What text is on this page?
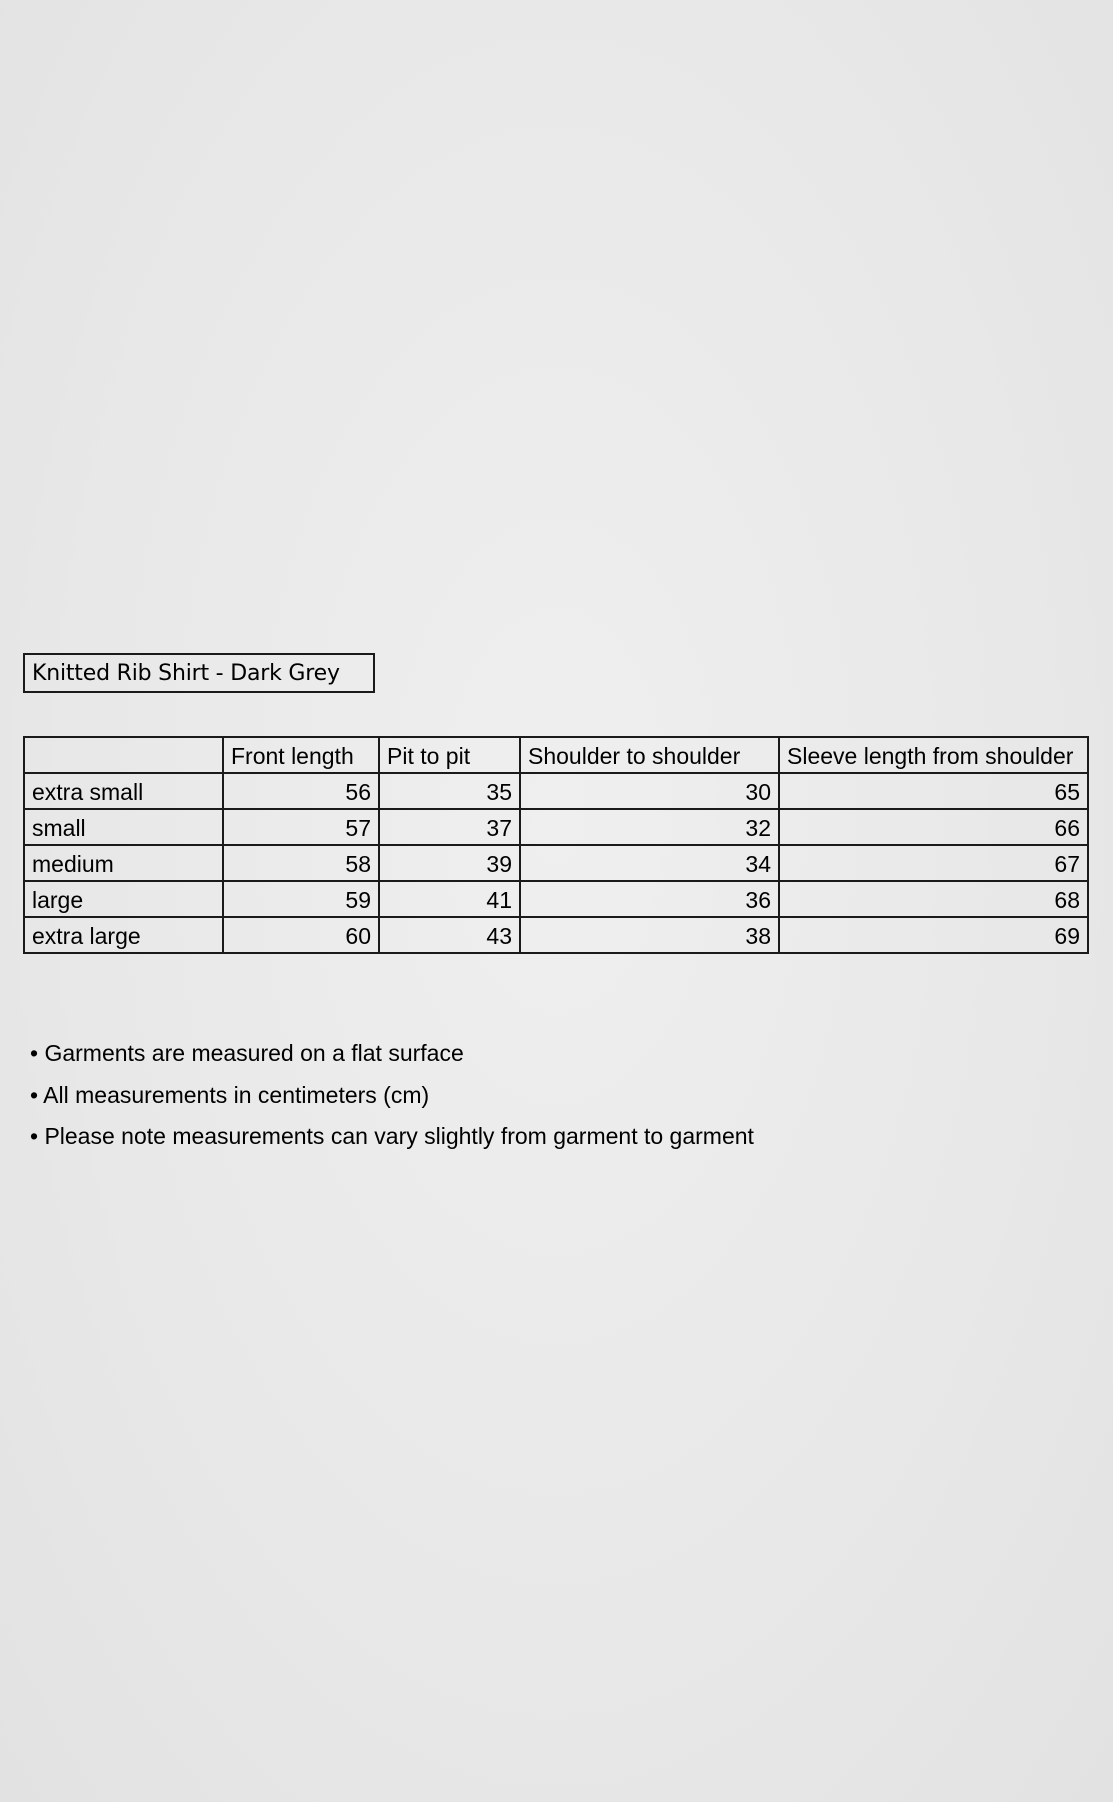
Knitted Rib Shirt - Dark Grey
	Front length	Pit to pit	Shoulder to shoulder	Sleeve length from shoulder
extra small	56	35	30	65
small	57	37	32	66
medium	58	39	34	67
large	59	41	36	68
extra large	60	43	38	69
• Garments are measured on a flat surface
• All measurements in centimeters (cm)
• Please note measurements can vary slightly from garment to garment
